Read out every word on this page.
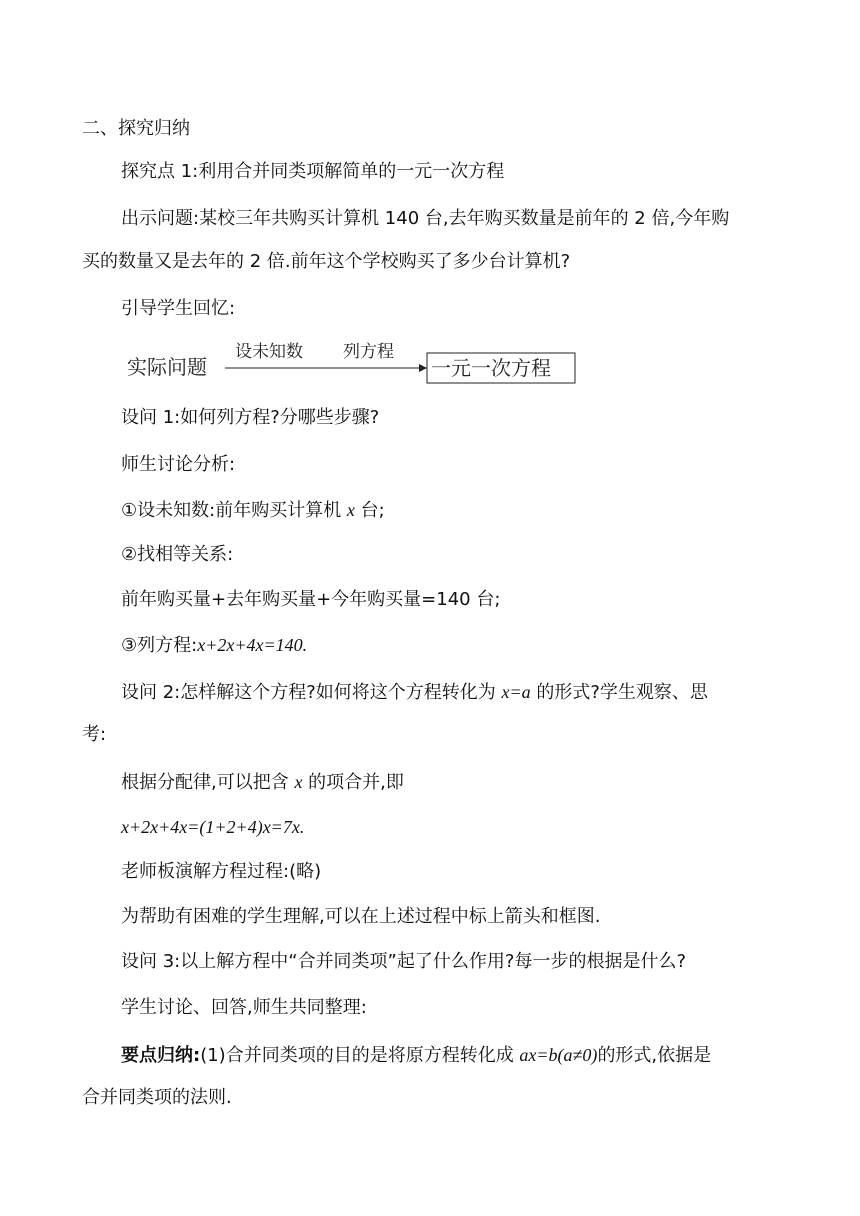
二、探究归纳
探究点 1:利用合并同类项解简单的一元一次方程
出示问题:某校三年共购买计算机 140 台,去年购买数量是前年的 2 倍,今年购
买的数量又是去年的 2 倍.前年这个学校购买了多少台计算机?
引导学生回忆:
实际问题
设未知数 列方程
一元一次方程
设问 1:如何列方程?分哪些步骤?
师生讨论分析:
①设未知数:前年购买计算机 x 台;
②找相等关系:
前年购买量+去年购买量+今年购买量=140 台;
③列方程:x+2x+4x=140.
设问 2:怎样解这个方程?如何将这个方程转化为 x=a 的形式?学生观察、思
考:
根据分配律,可以把含 x 的项合并,即
x+2x+4x=(1+2+4)x=7x.
老师板演解方程过程:(略)
为帮助有困难的学生理解,可以在上述过程中标上箭头和框图.
设问 3:以上解方程中“合并同类项”起了什么作用?每一步的根据是什么?
学生讨论、回答,师生共同整理:
要点归纳:(1)合并同类项的目的是将原方程转化成 ax=b(a≠0)的形式,依据是
合并同类项的法则.
